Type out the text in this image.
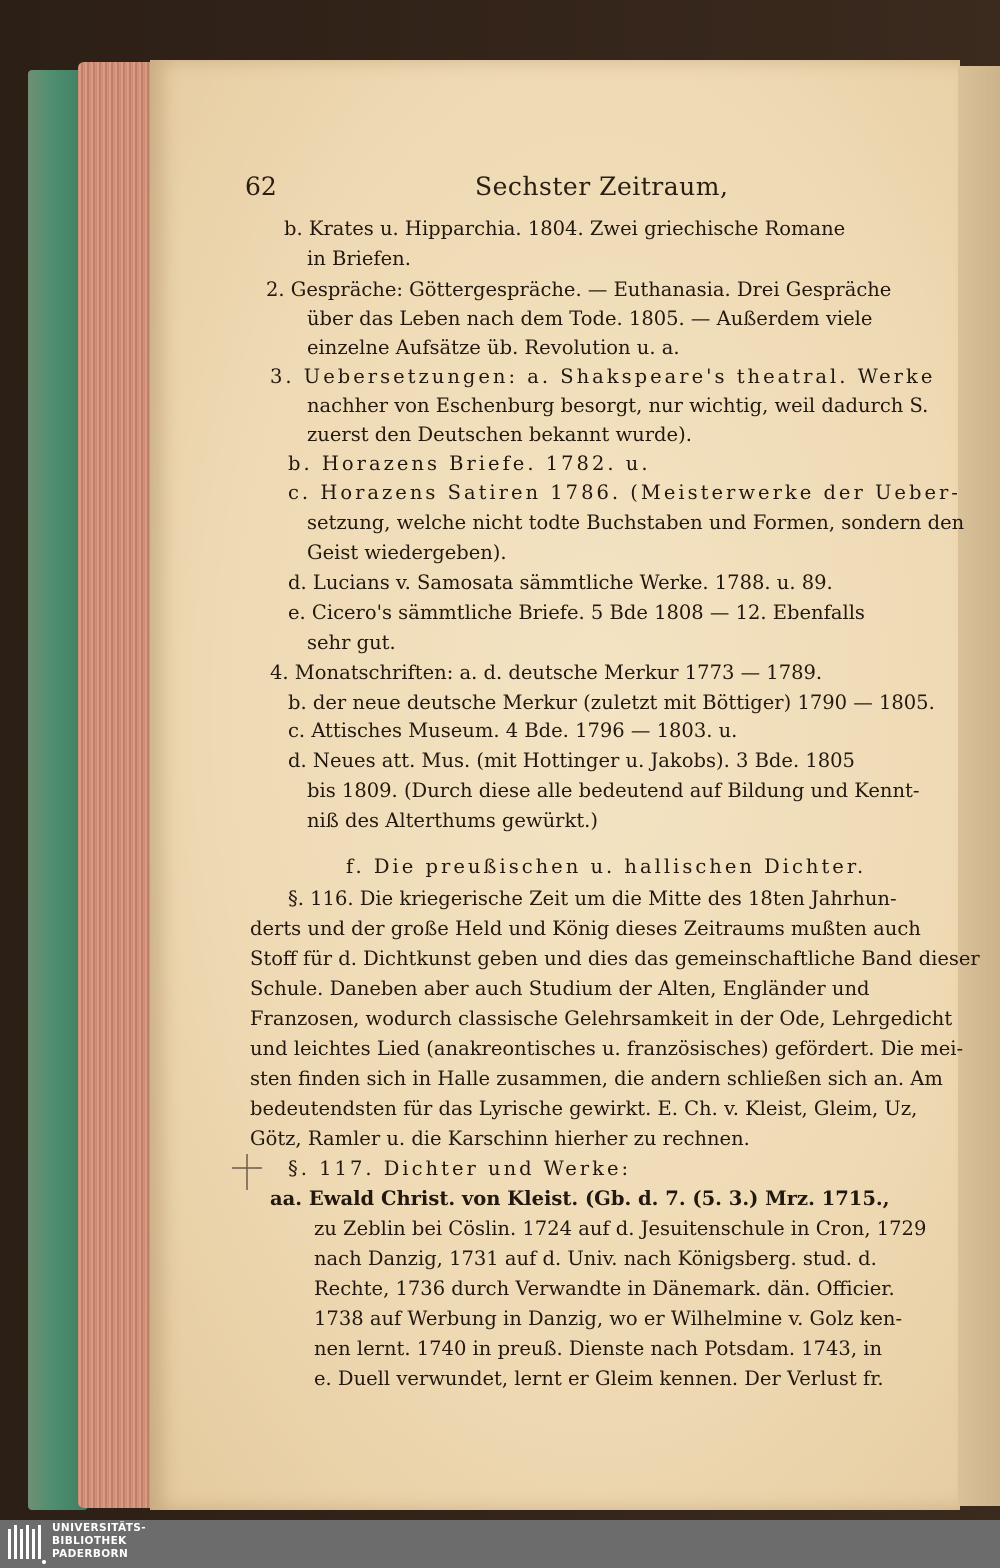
62	Sechster Zeitraum,
b. Krates u. Hipparchia. 1804. Zwei griechische Romane
in Briefen.
2. Gespräche: Göttergespräche. — Euthanasia. Drei Gespräche
über das Leben nach dem Tode. 1805. — Außerdem viele
einzelne Aufsätze üb. Revolution u. a.
3. Uebersetzungen: a. Shakspeare's theatral. Werke
nachher von Eschenburg besorgt, nur wichtig, weil dadurch S.
zuerst den Deutschen bekannt wurde).
b. Horazens Briefe. 1782. u.
c. Horazens Satiren 1786. (Meisterwerke der Ueber-
setzung, welche nicht todte Buchstaben und Formen, sondern den
Geist wiedergeben).
d. Lucians v. Samosata sämmtliche Werke. 1788. u. 89.
e. Cicero's sämmtliche Briefe. 5 Bde 1808 — 12. Ebenfalls
sehr gut.
4. Monatschriften: a. d. deutsche Merkur 1773 — 1789.
b. der neue deutsche Merkur (zuletzt mit Böttiger) 1790 — 1805.
c. Attisches Museum. 4 Bde. 1796 — 1803. u.
d. Neues att. Mus. (mit Hottinger u. Jakobs). 3 Bde. 1805
bis 1809. (Durch diese alle bedeutend auf Bildung und Kennt-
niß des Alterthums gewürkt.)
f. Die preußischen u. hallischen Dichter.
§. 116. Die kriegerische Zeit um die Mitte des 18ten Jahrhun-
derts und der große Held und König dieses Zeitraums mußten auch
Stoff für d. Dichtkunst geben und dies das gemeinschaftliche Band dieser
Schule. Daneben aber auch Studium der Alten, Engländer und
Franzosen, wodurch classische Gelehrsamkeit in der Ode, Lehrgedicht
und leichtes Lied (anakreontisches u. französisches) gefördert. Die mei-
sten finden sich in Halle zusammen, die andern schließen sich an. Am
bedeutendsten für das Lyrische gewirkt. E. Ch. v. Kleist, Gleim, Uz,
Götz, Ramler u. die Karschinn hierher zu rechnen.
§. 117. Dichter und Werke:
aa. Ewald Christ. von Kleist. (Gb. d. 7. (5. 3.) Mrz. 1715.,
zu Zeblin bei Cöslin. 1724 auf d. Jesuitenschule in Cron, 1729
nach Danzig, 1731 auf d. Univ. nach Königsberg. stud. d.
Rechte, 1736 durch Verwandte in Dänemark. dän. Officier.
1738 auf Werbung in Danzig, wo er Wilhelmine v. Golz ken-
nen lernt. 1740 in preuß. Dienste nach Potsdam. 1743, in
e. Duell verwundet, lernt er Gleim kennen. Der Verlust fr.
UNIVERSITÄTS-
BIBLIOTHEK
PADERBORN
